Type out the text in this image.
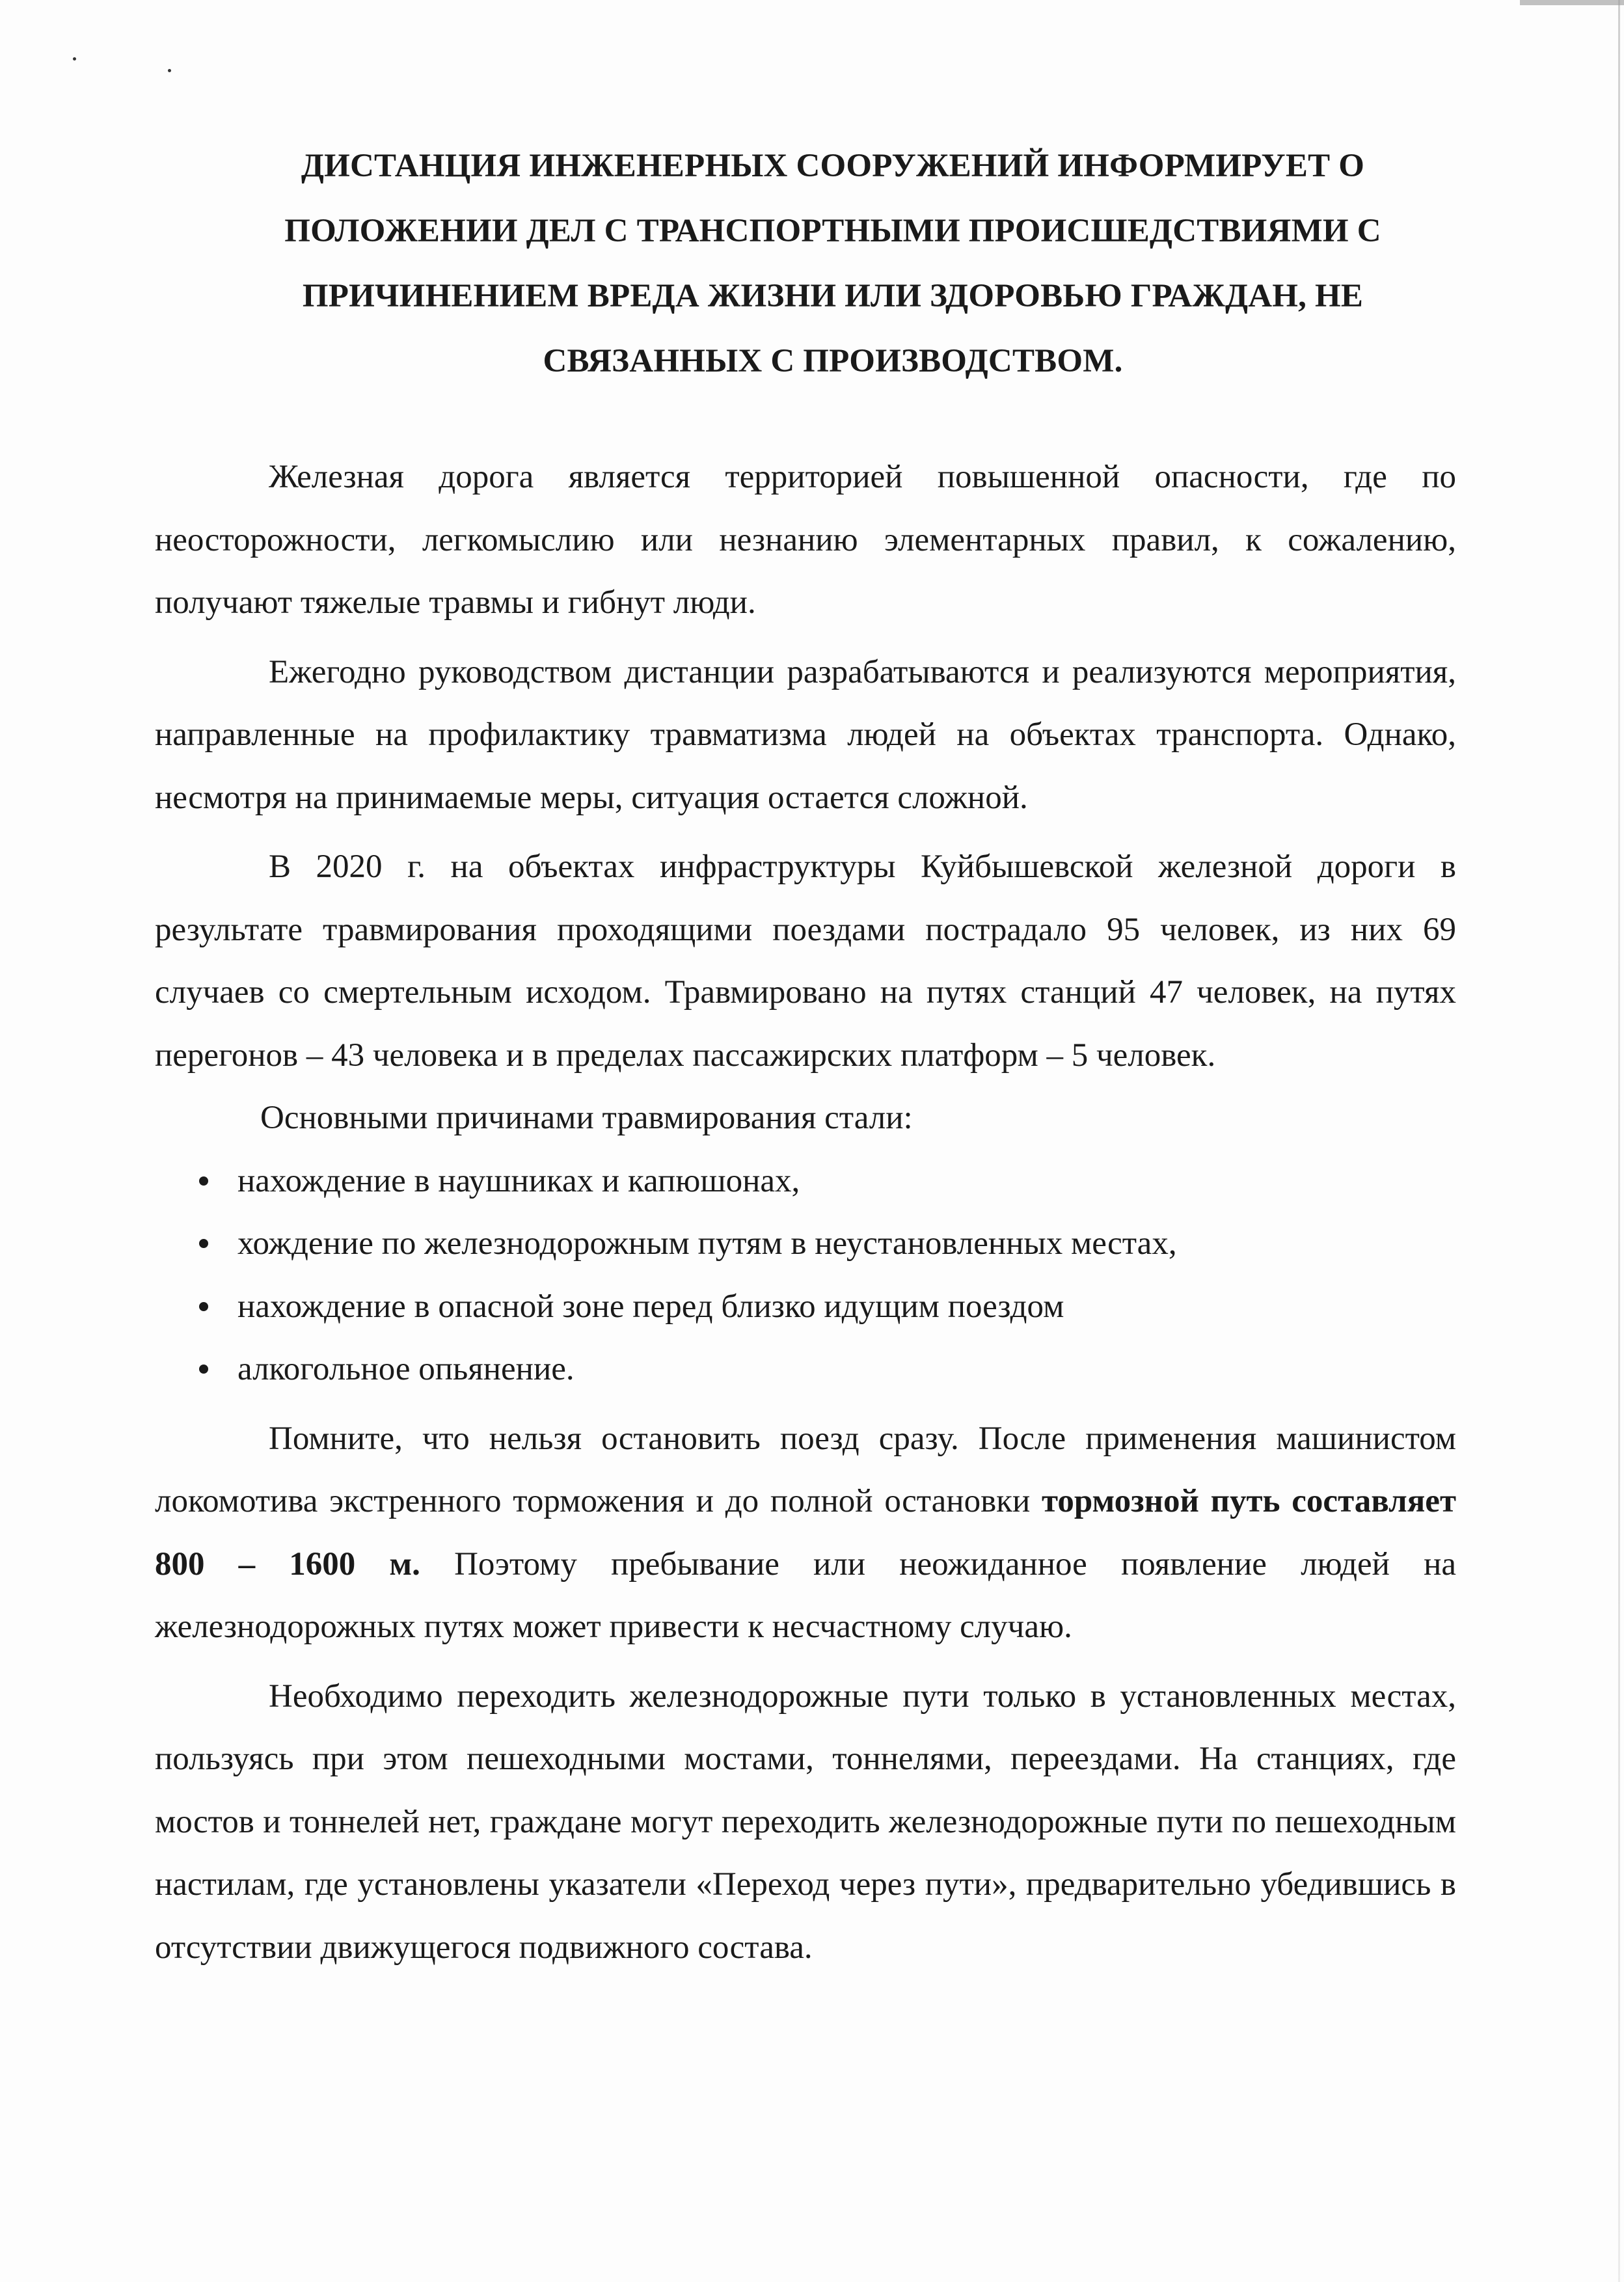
ДИСТАНЦИЯ ИНЖЕНЕРНЫХ СООРУЖЕНИЙ ИНФОРМИРУЕТ О ПОЛОЖЕНИИ ДЕЛ С ТРАНСПОРТНЫМИ ПРОИСШЕДСТВИЯМИ С ПРИЧИНЕНИЕМ ВРЕДА ЖИЗНИ ИЛИ ЗДОРОВЬЮ ГРАЖДАН, НЕ СВЯЗАННЫХ С ПРОИЗВОДСТВОМ.

Железная дорога является территорией повышенной опасности, где по неосторожности, легкомыслию или незнанию элементарных правил, к сожалению, получают тяжелые травмы и гибнут люди.

Ежегодно руководством дистанции разрабатываются и реализуются мероприятия, направленные на профилактику травматизма людей на объектах транспорта. Однако, несмотря на принимаемые меры, ситуация остается сложной.

В 2020 г. на объектах инфраструктуры Куйбышевской железной дороги в результате травмирования проходящими поездами пострадало 95 человек, из них 69 случаев со смертельным исходом. Травмировано на путях станций 47 человек, на путях перегонов – 43 человека и в пределах пассажирских платформ – 5 человек.

Основными причинами травмирования стали:

нахождение в наушниках и капюшонах,
хождение по железнодорожным путям в неустановленных местах,
нахождение в опасной зоне перед близко идущим поездом
алкогольное опьянение.

Помните, что нельзя остановить поезд сразу. После применения машинистом локомотива экстренного торможения и до полной остановки тормозной путь составляет 800 – 1600 м. Поэтому пребывание или неожиданное появление людей на железнодорожных путях может привести к несчастному случаю.

Необходимо переходить железнодорожные пути только в установленных местах, пользуясь при этом пешеходными мостами, тоннелями, переездами. На станциях, где мостов и тоннелей нет, граждане могут переходить железнодорожные пути по пешеходным настилам, где установлены указатели «Переход через пути», предварительно убедившись в отсутствии движущегося подвижного состава.
